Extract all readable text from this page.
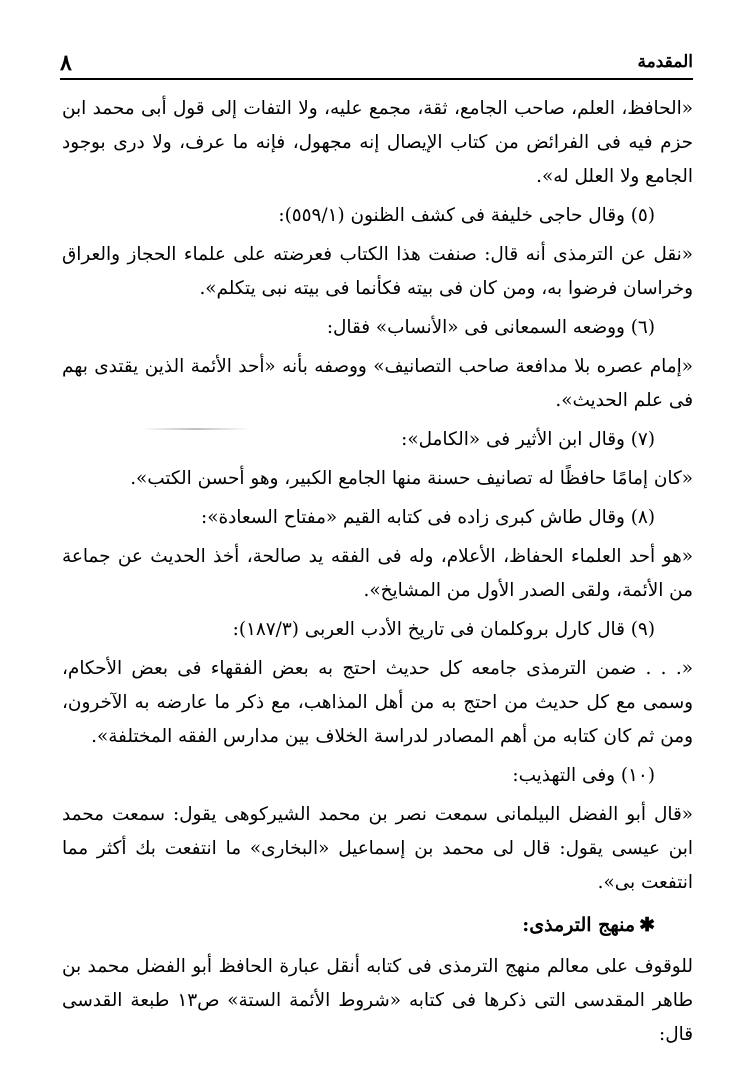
٨	المقدمة

«الحافظ، العلم، صاحب الجامع، ثقة، مجمع عليه، ولا التفات إلى قول أبى محمد ابن حزم فيه فى الفرائض من كتاب الإيصال إنه مجهول، فإنه ما عرف، ولا درى بوجود الجامع ولا العلل له».

(٥) وقال حاجى خليفة فى كشف الظنون (٥٥٩/١):

«نقل عن الترمذى أنه قال: صنفت هذا الكتاب فعرضته على علماء الحجاز والعراق وخراسان فرضوا به، ومن كان فى بيته فكأنما فى بيته نبى يتكلم».

(٦) ووضعه السمعانى فى «الأنساب» فقال:

«إمام عصره بلا مدافعة صاحب التصانيف» ووصفه بأنه «أحد الأئمة الذين يقتدى بهم فى علم الحديث».

(٧) وقال ابن الأثير فى «الكامل»:

«كان إمامًا حافظًا له تصانيف حسنة منها الجامع الكبير، وهو أحسن الكتب».

(٨) وقال طاش كبرى زاده فى كتابه القيم «مفتاح السعادة»:

«هو أحد العلماء الحفاظ، الأعلام، وله فى الفقه يد صالحة، أخذ الحديث عن جماعة من الأئمة، ولقى الصدر الأول من المشايخ».

(٩) قال كارل بروكلمان فى تاريخ الأدب العربى (١٨٧/٣):

«. . . ضمن الترمذى جامعه كل حديث احتج به بعض الفقهاء فى بعض الأحكام، وسمى مع كل حديث من احتج به من أهل المذاهب، مع ذكر ما عارضه به الآخرون، ومن ثم كان كتابه من أهم المصادر لدراسة الخلاف بين مدارس الفقه المختلفة».

(١٠) وفى التهذيب:

«قال أبو الفضل البيلمانى سمعت نصر بن محمد الشيركوهى يقول: سمعت محمد ابن عيسى يقول: قال لى محمد بن إسماعيل «البخارى» ما انتفعت بك أكثر مما انتفعت بى».

✱منهج الترمذى:

للوقوف على معالم منهج الترمذى فى كتابه أنقل عبارة الحافظ أبو الفضل محمد بن طاهر المقدسى التى ذكرها فى كتابه «شروط الأئمة الستة» ص١٣ طبعة القدسى قال:
